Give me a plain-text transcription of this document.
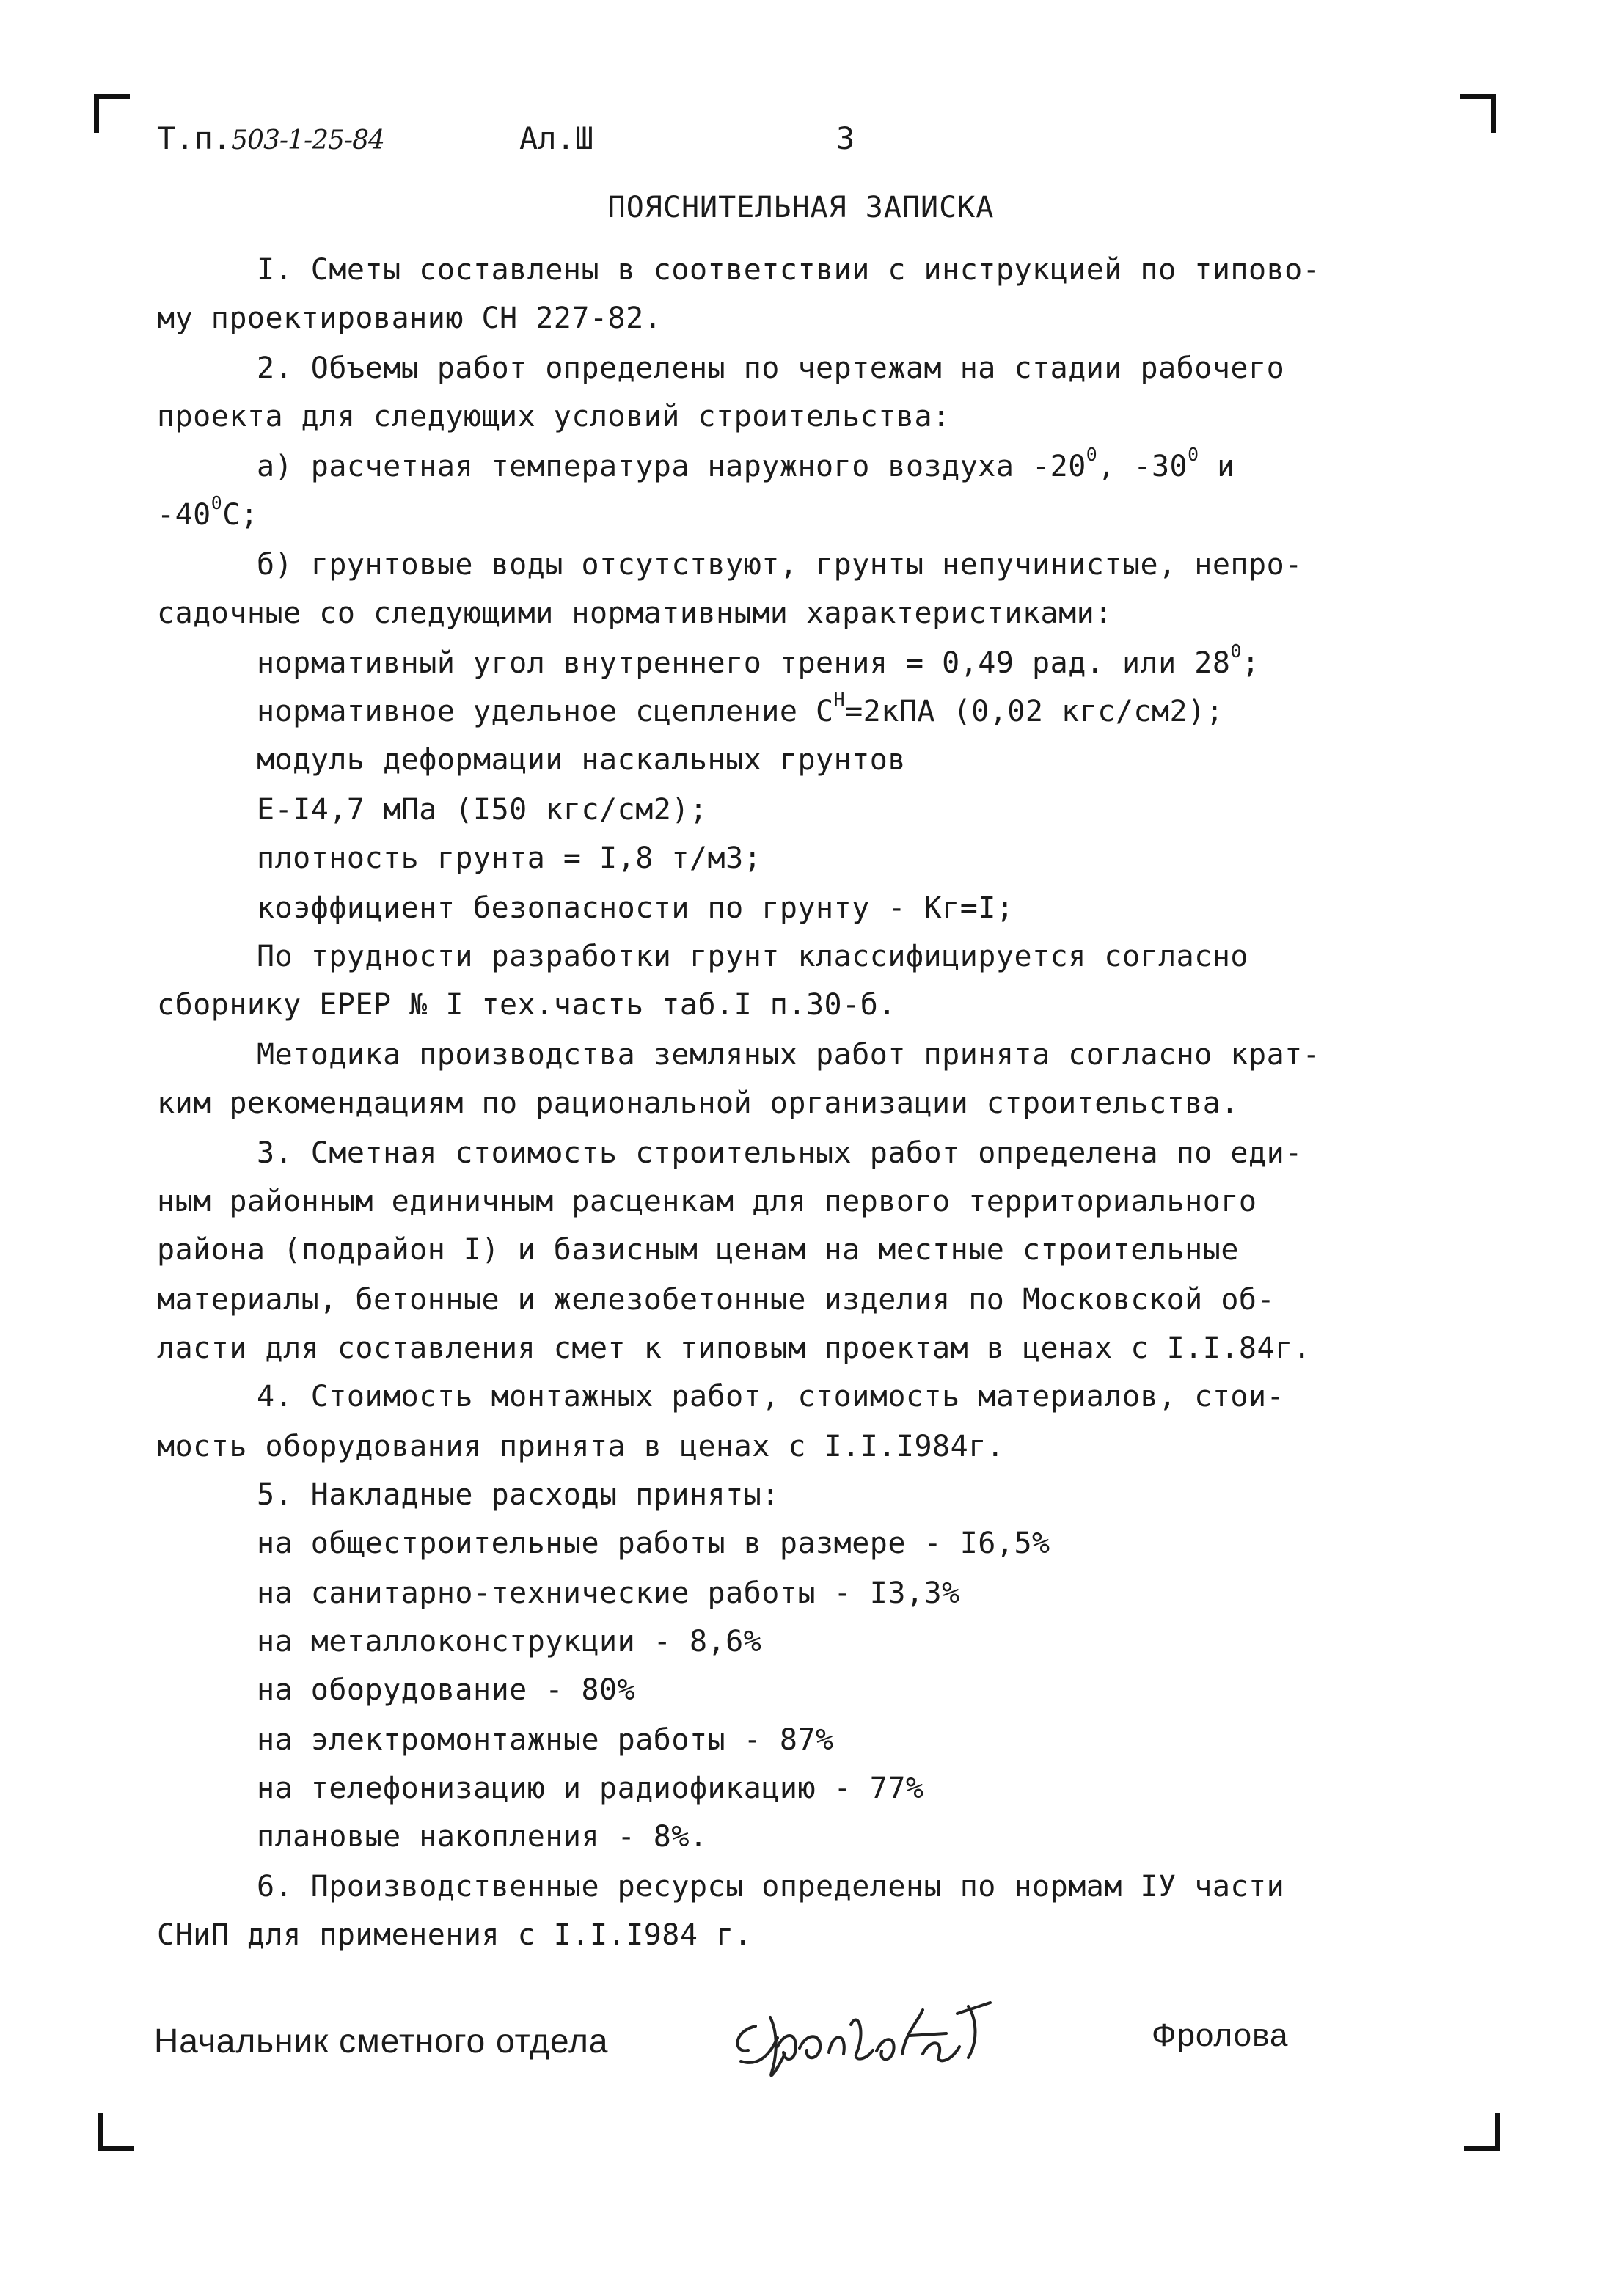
Т.п.503-1-25-84	Ал.Ш	3
ПОЯСНИТЕЛЬНАЯ ЗАПИСКА
I. Сметы составлены в соответствии с инструкцией по типово-
му проектированию СН 227-82.
2. Объемы работ определены по чертежам на стадии рабочего
проекта для следующих условий строительства:
а) расчетная температура наружного воздуха $-20^0$, $-30^0$ и
$-40^0С$;
б) грунтовые воды отсутствуют, грунты непучинистые, непро-
садочные со следующими нормативными характеристиками:
нормативный угол внутреннего трения = 0,49 рад. или $28^0$;
нормативное удельное сцепление $С^Н=2кПА$ (0,02 кгс/см2);
модуль деформации наскальных грунтов
Е-I4,7 мПа (I50 кгс/см2);
плотность грунта = I,8 т/м3;
коэффициент безопасности по грунту - Кг=I;
По трудности разработки грунт классифицируется согласно
сборнику ЕРЕР № I тех.часть таб.I п.30-б.
Методика производства земляных работ принята согласно крат-
ким рекомендациям по рациональной организации строительства.
3. Сметная стоимость строительных работ определена по еди-
ным районным единичным расценкам для первого территориального
района (подрайон I) и базисным ценам на местные строительные
материалы, бетонные и железобетонные изделия по Московской об-
ласти для составления смет к типовым проектам в ценах с I.I.84г.
4. Стоимость монтажных работ, стоимость материалов, стои-
мость оборудования принята в ценах с I.I.I984г.
5. Накладные расходы приняты:
на общестроительные работы в размере - I6,5%
на санитарно-технические работы - I3,3%
на металлоконструкции - 8,6%
на оборудование - 80%
на электромонтажные работы - 87%
на телефонизацию и радиофикацию - 77%
плановые накопления - 8%.
6. Производственные ресурсы определены по нормам IУ части
СНиП для применения с I.I.I984 г.
Начальник сметного отдела	Фролова
